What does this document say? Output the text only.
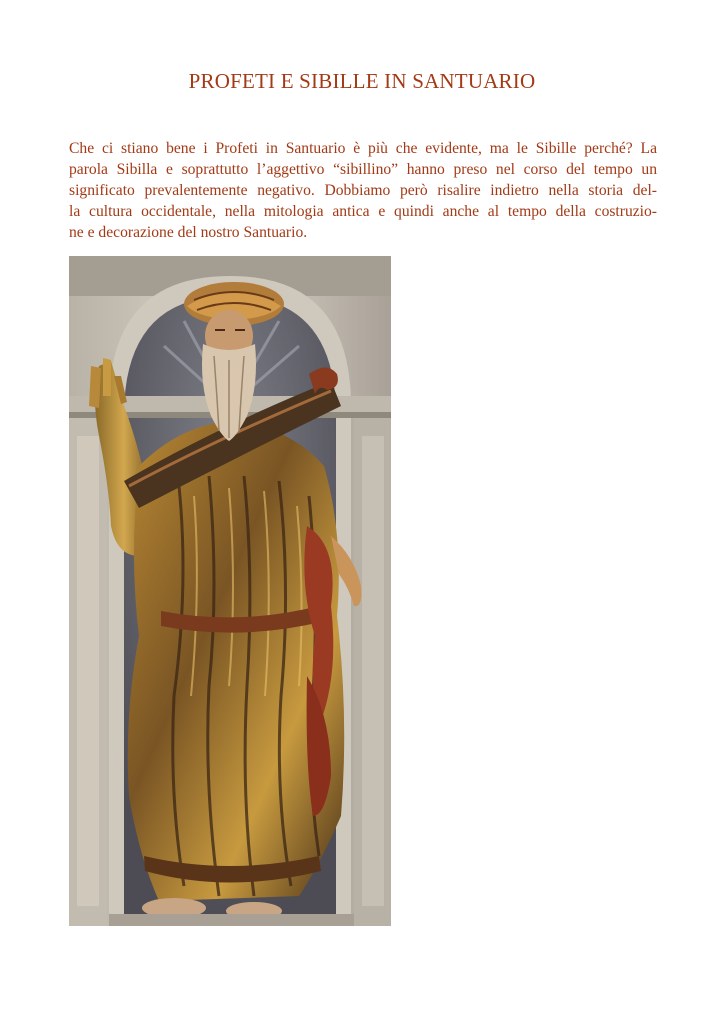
PROFETI E SIBILLE IN SANTUARIO
Che ci stiano bene i Profeti in Santuario è più che evidente, ma le Sibille perché? La
parola Sibilla e soprattutto l’aggettivo “sibillino” hanno preso nel corso del tempo un
significato prevalentemente negativo. Dobbiamo però risalire indietro nella storia del-
la cultura occidentale, nella mitologia antica e quindi anche al tempo della costruzio-
ne e decorazione del nostro Santuario.
